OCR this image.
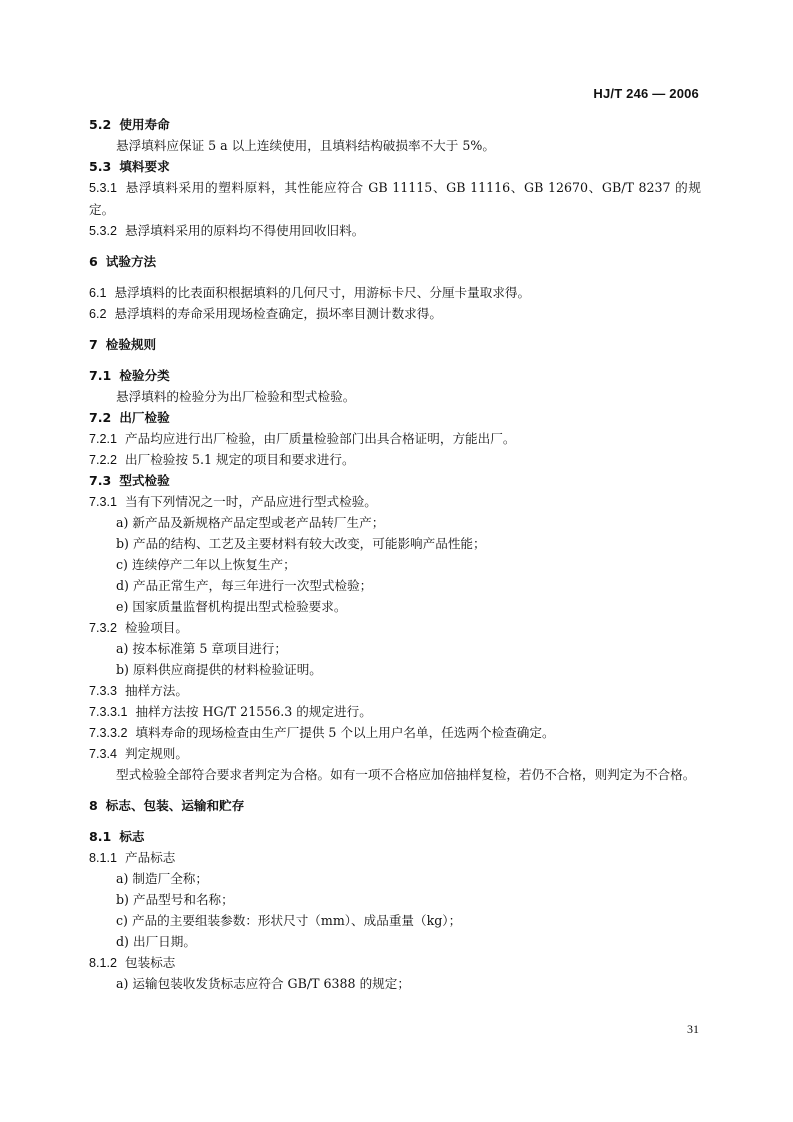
HJ/T 246 — 2006
5.2 使用寿命
悬浮填料应保证 5 a 以上连续使用，且填料结构破损率不大于 5%。
5.3 填料要求
5.3.1 悬浮填料采用的塑料原料，其性能应符合 GB 11115、GB 11116、GB 12670、GB/T 8237 的规定。
5.3.2 悬浮填料采用的原料均不得使用回收旧料。
6 试验方法
6.1 悬浮填料的比表面积根据填料的几何尺寸，用游标卡尺、分厘卡量取求得。
6.2 悬浮填料的寿命采用现场检查确定，损坏率目测计数求得。
7 检验规则
7.1 检验分类
悬浮填料的检验分为出厂检验和型式检验。
7.2 出厂检验
7.2.1 产品均应进行出厂检验，由厂质量检验部门出具合格证明，方能出厂。
7.2.2 出厂检验按 5.1 规定的项目和要求进行。
7.3 型式检验
7.3.1 当有下列情况之一时，产品应进行型式检验。
a) 新产品及新规格产品定型或老产品转厂生产；
b) 产品的结构、工艺及主要材料有较大改变，可能影响产品性能；
c) 连续停产二年以上恢复生产；
d) 产品正常生产，每三年进行一次型式检验；
e) 国家质量监督机构提出型式检验要求。
7.3.2 检验项目。
a) 按本标准第 5 章项目进行；
b) 原料供应商提供的材料检验证明。
7.3.3 抽样方法。
7.3.3.1 抽样方法按 HG/T 21556.3 的规定进行。
7.3.3.2 填料寿命的现场检查由生产厂提供 5 个以上用户名单，任选两个检查确定。
7.3.4 判定规则。
型式检验全部符合要求者判定为合格。如有一项不合格应加倍抽样复检，若仍不合格，则判定为不合格。
8 标志、包装、运输和贮存
8.1 标志
8.1.1 产品标志
a) 制造厂全称；
b) 产品型号和名称；
c) 产品的主要组装参数：形状尺寸（mm）、成品重量（kg）；
d) 出厂日期。
8.1.2 包装标志
a) 运输包装收发货标志应符合 GB/T 6388 的规定；
31
